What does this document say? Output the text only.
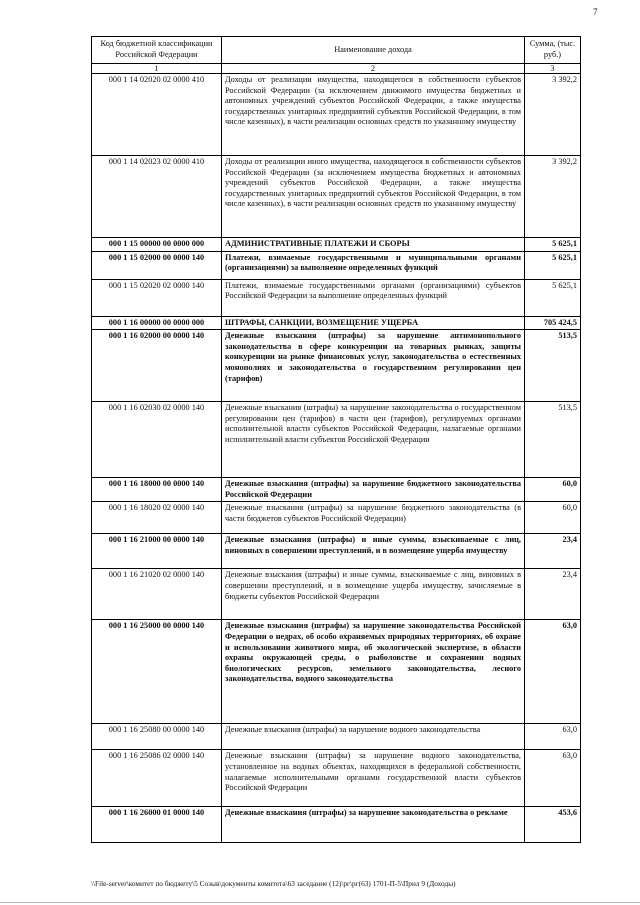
7
Код бюджетной классификации Российской Федерации	Наименование дохода	Сумма, (тыс. руб.)
1	2	3
000 1 14 02020 02 0000 410	Доходы от реализации имущества, находящегося в собственности субъектов Российской Федерации (за исключением движимого имущества бюджетных и автономных учреждений субъектов Российской Федерации, а также имущества государственных унитарных предприятий субъектов Российской Федерации, в том числе казенных), в части реализации основных средств по указанному имуществу	3 392,2
000 1 14 02023 02 0000 410	Доходы от реализации иного имущества, находящегося в собственности субъектов Российской Федерации (за исключением имущества бюджетных и автономных учреждений субъектов Российской Федерации, а также имущества государственных унитарных предприятий субъектов Российской Федерации, в том числе казенных), в части реализации основных средств по указанному имуществу	3 392,2
000 1 15 00000 00 0000 000	АДМИНИСТРАТИВНЫЕ ПЛАТЕЖИ И СБОРЫ	5 625,1
000 1 15 02000 00 0000 140	Платежи, взимаемые государственными и муниципальными органами (организациями) за выполнение определенных функций	5 625,1
000 1 15 02020 02 0000 140	Платежи, взимаемые государственными органами (организациями) субъектов Российской Федерации за выполнение определенных функций	5 625,1
000 1 16 00000 00 0000 000	ШТРАФЫ, САНКЦИИ, ВОЗМЕЩЕНИЕ УЩЕРБА	705 424,5
000 1 16 02000 00 0000 140	Денежные взыскания (штрафы) за нарушение антимонопольного законодательства в сфере конкуренции на товарных рынках, защиты конкуренции на рынке финансовых услуг, законодательства о естественных монополиях и законодательства о государственном регулировании цен (тарифов)	513,5
000 1 16 02030 02 0000 140	Денежные взыскания (штрафы) за нарушение законодательства о государственном регулировании цен (тарифов) в части цен (тарифов), регулируемых органами исполнительной власти субъектов Российской Федерации, налагаемые органами исполнительной власти субъектов Российской Федерации	513,5
000 1 16 18000 00 0000 140	Денежные взыскания (штрафы) за нарушение бюджетного законодательства Российской Федерации	60,0
000 1 16 18020 02 0000 140	Денежные взыскания (штрафы) за нарушение бюджетного законодательства (в части бюджетов субъектов Российской Федерации)	60,0
000 1 16 21000 00 0000 140	Денежные взыскания (штрафы) и иные суммы, взыскиваемые с лиц, виновных в совершении преступлений, и в возмещение ущерба имуществу	23,4
000 1 16 21020 02 0000 140	Денежные взыскания (штрафы) и иные суммы, взыскиваемые с лиц, виновных в совершении преступлений, и в возмещение ущерба имуществу, зачисляемые в бюджеты субъектов Российской Федерации	23,4
000 1 16 25000 00 0000 140	Денежные взыскания (штрафы) за нарушение законодательства Российской Федерации о недрах, об особо охраняемых природных территориях, об охране и использовании животного мира, об экологической экспертизе, в области охраны окружающей среды, о рыболовстве и сохранении водных биологических ресурсов, земельного законодательства, лесного законодательства, водного законодательства	63,0
000 1 16 25080 00 0000 140	Денежные взыскания (штрафы) за нарушение водного законодательства	63,0
000 1 16 25086 02 0000 140	Денежные взыскания (штрафы) за нарушение водного законодательства, установленное на водных объектах, находящихся в федеральной собственности, налагаемые исполнительными органами государственной власти субъектов Российской Федерации	63,0
000 1 16 26000 01 0000 140	Денежные взыскания (штрафы) за нарушение законодательства о рекламе	453,6
\\File-server\комитет по бюджету\5 Созыв\документы комитета\63 заседание (12)\рг\рг(63) 1701-П-5\Прил 9 (Доходы)
